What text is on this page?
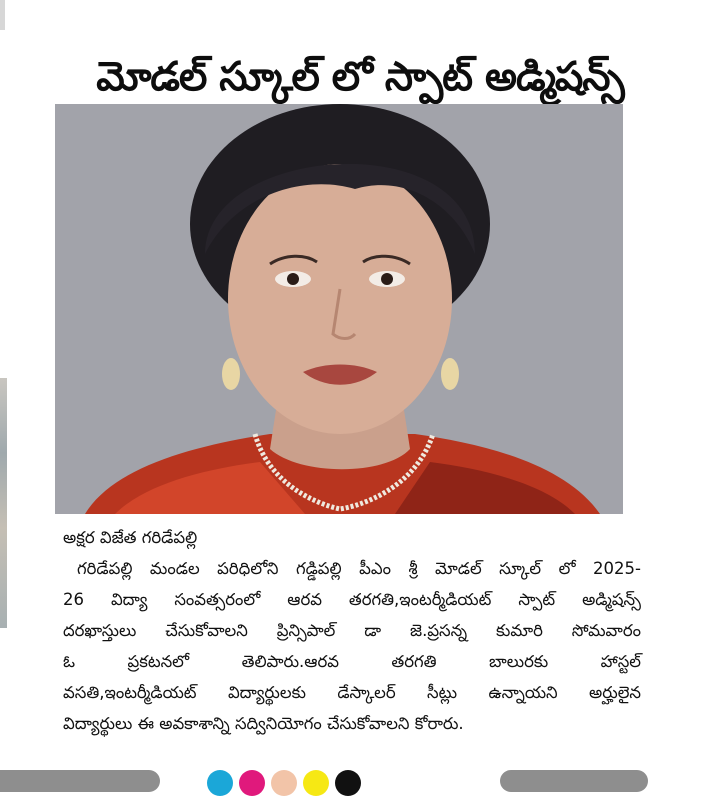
మోడల్ స్కూల్ లో స్పాట్ అడ్మిషన్స్

అక్షర విజేత గరిడేపల్లి

గరిడేపల్లి మండల పరిధిలోని గడ్డిపల్లి పీఎం శ్రీ మోడల్ స్కూల్ లో 2025-

26 విద్యా సంవత్సరంలో ఆరవ తరగతి,ఇంటర్మీడియట్ స్పాట్ అడ్మిషన్స్

దరఖాస్తులు చేసుకోవాలని ప్రిన్సిపాల్ డా జె.ప్రసన్న కుమారి సోమవారం

ఓ ప్రకటనలో తెలిపారు.ఆరవ తరగతి బాలురకు హాస్టల్

వసతి,ఇంటర్మీడియట్ విద్యార్థులకు డేస్కాలర్ సీట్లు ఉన్నాయని అర్హులైన

విద్యార్థులు ఈ అవకాశాన్ని సద్వినియోగం చేసుకోవాలని కోరారు.
